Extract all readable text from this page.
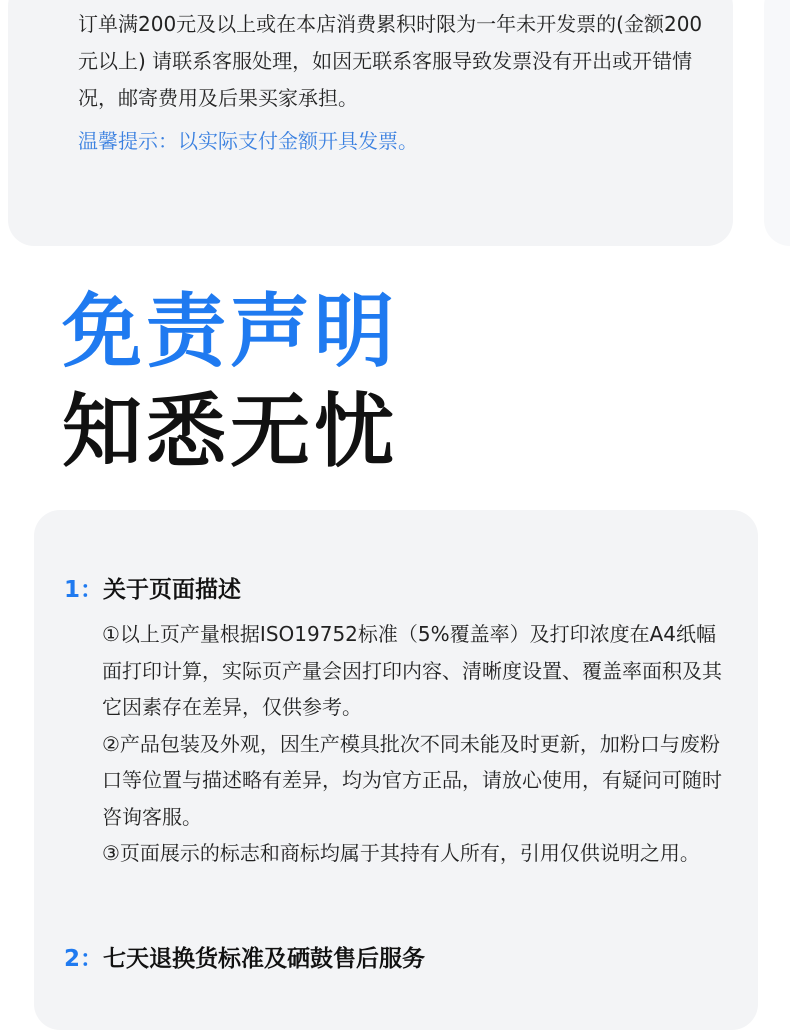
订单满200元及以上或在本店消费累积时限为一年未开发票的(金额200元以上) 请联系客服处理，如因无联系客服导致发票没有开出或开错情况，邮寄费用及后果买家承担。
温馨提示：以实际支付金额开具发票。
免责声明
知悉无忧
1：关于页面描述

①以上页产量根据ISO19752标准（5%覆盖率）及打印浓度在A4纸幅面打印计算，实际页产量会因打印内容、清晰度设置、覆盖率面积及其它因素存在差异，仅供参考。

②产品包装及外观，因生产模具批次不同未能及时更新，加粉口与废粉口等位置与描述略有差异，均为官方正品，请放心使用，有疑问可随时咨询客服。

③页面展示的标志和商标均属于其持有人所有，引用仅供说明之用。

2：七天退换货标准及硒鼓售后服务
